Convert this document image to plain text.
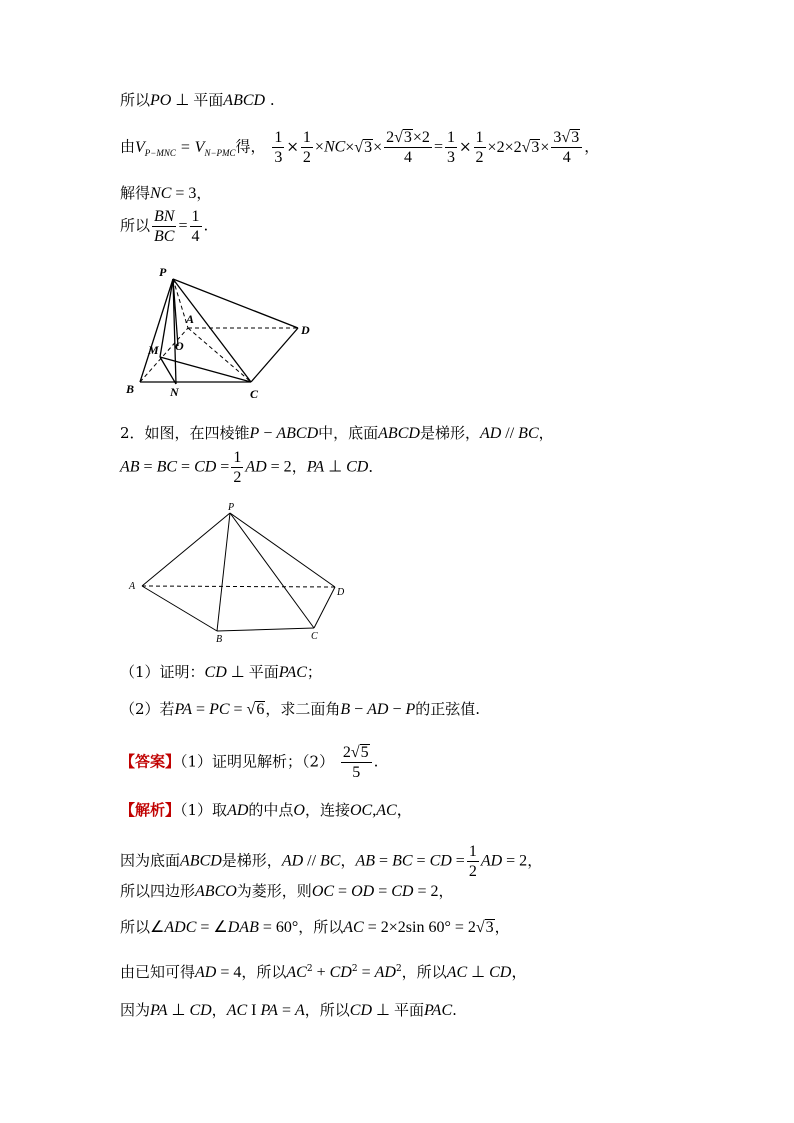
所以PO ⊥ 平面ABCD .
由$V_{P-MNC} = V_{N-PMC}$得， $\frac{1}{3} \times \frac{1}{2} \times NC\times√3\times \frac{2√3\times 2}{4} = \frac{1}{3} \times \frac{1}{2} \times 2\times 2√3\times \frac{3√3}{4}$ ，
解得NC = 3，
所以 $\frac{BN}{BC} = \frac{1}{4}$ .
P
A
D
O
M
B	N	C
2．如图，在四棱锥P − ABCD中，底面ABCD是梯形，AD // BC，
AB = BC = CD = $\frac{1}{2}$ AD = 2，PA ⊥ CD．
P
A
D
B	C
（1）证明：CD ⊥ 平面PAC；
（2）若PA = PC = √6，求二面角B − AD − P的正弦值.
【答案】（1）证明见解析；$(2) \frac{2√5}{5}$ .
【解析】（1）取AD的中点O，连接OC,AC，
因为底面ABCD是梯形，AD // BC，AB = BC = CD = $\frac{1}{2}$ AD = 2，
所以四边形ABCO为菱形，则OC = OD = CD = 2，
所以∠ADC = ∠DAB = 60°，所以AC = 2×2sin 60° = 2√3，
由已知可得AD = 4，所以$AC^2 + CD^2 = AD^2$，所以AC ⊥ CD，
因为PA ⊥ CD，AC I PA = A，所以CD ⊥ 平面PAC.
